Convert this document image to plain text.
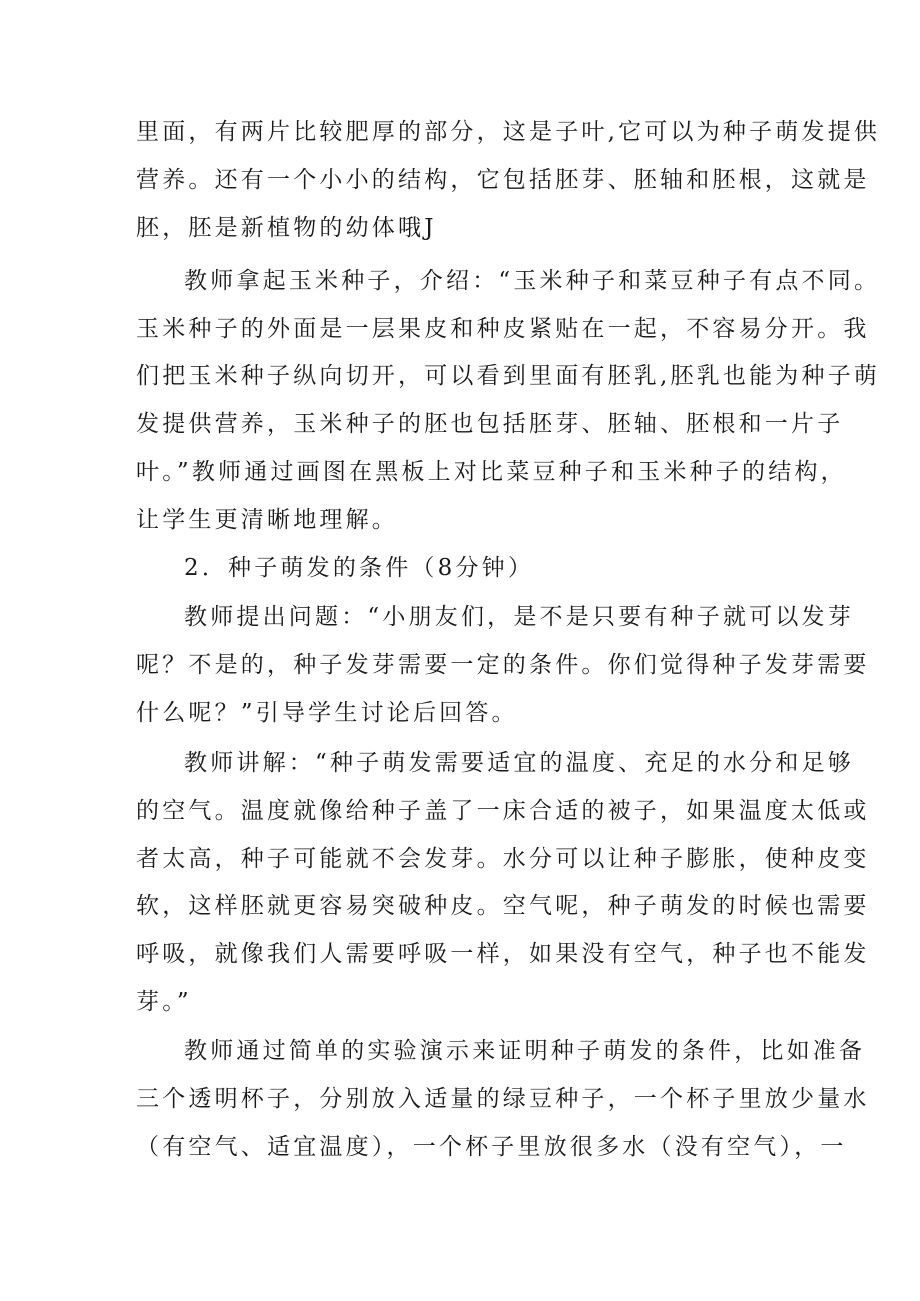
里面，有两片比较肥厚的部分，这是子叶,它可以为种子萌发提供
营养。还有一个小小的结构，它包括胚芽、胚轴和胚根，这就是
胚，胚是新植物的幼体哦J
教师拿起玉米种子，介绍：“玉米种子和菜豆种子有点不同。
玉米种子的外面是一层果皮和种皮紧贴在一起，不容易分开。我
们把玉米种子纵向切开，可以看到里面有胚乳,胚乳也能为种子萌
发提供营养，玉米种子的胚也包括胚芽、胚轴、胚根和一片子
叶。”教师通过画图在黑板上对比菜豆种子和玉米种子的结构，
让学生更清晰地理解。
2．种子萌发的条件（8分钟）
教师提出问题：“小朋友们，是不是只要有种子就可以发芽
呢？不是的，种子发芽需要一定的条件。你们觉得种子发芽需要
什么呢？”引导学生讨论后回答。
教师讲解：“种子萌发需要适宜的温度、充足的水分和足够
的空气。温度就像给种子盖了一床合适的被子，如果温度太低或
者太高，种子可能就不会发芽。水分可以让种子膨胀，使种皮变
软，这样胚就更容易突破种皮。空气呢，种子萌发的时候也需要
呼吸，就像我们人需要呼吸一样，如果没有空气，种子也不能发
芽。”
教师通过简单的实验演示来证明种子萌发的条件，比如准备
三个透明杯子，分别放入适量的绿豆种子，一个杯子里放少量水
（有空气、适宜温度），一个杯子里放很多水（没有空气），一
